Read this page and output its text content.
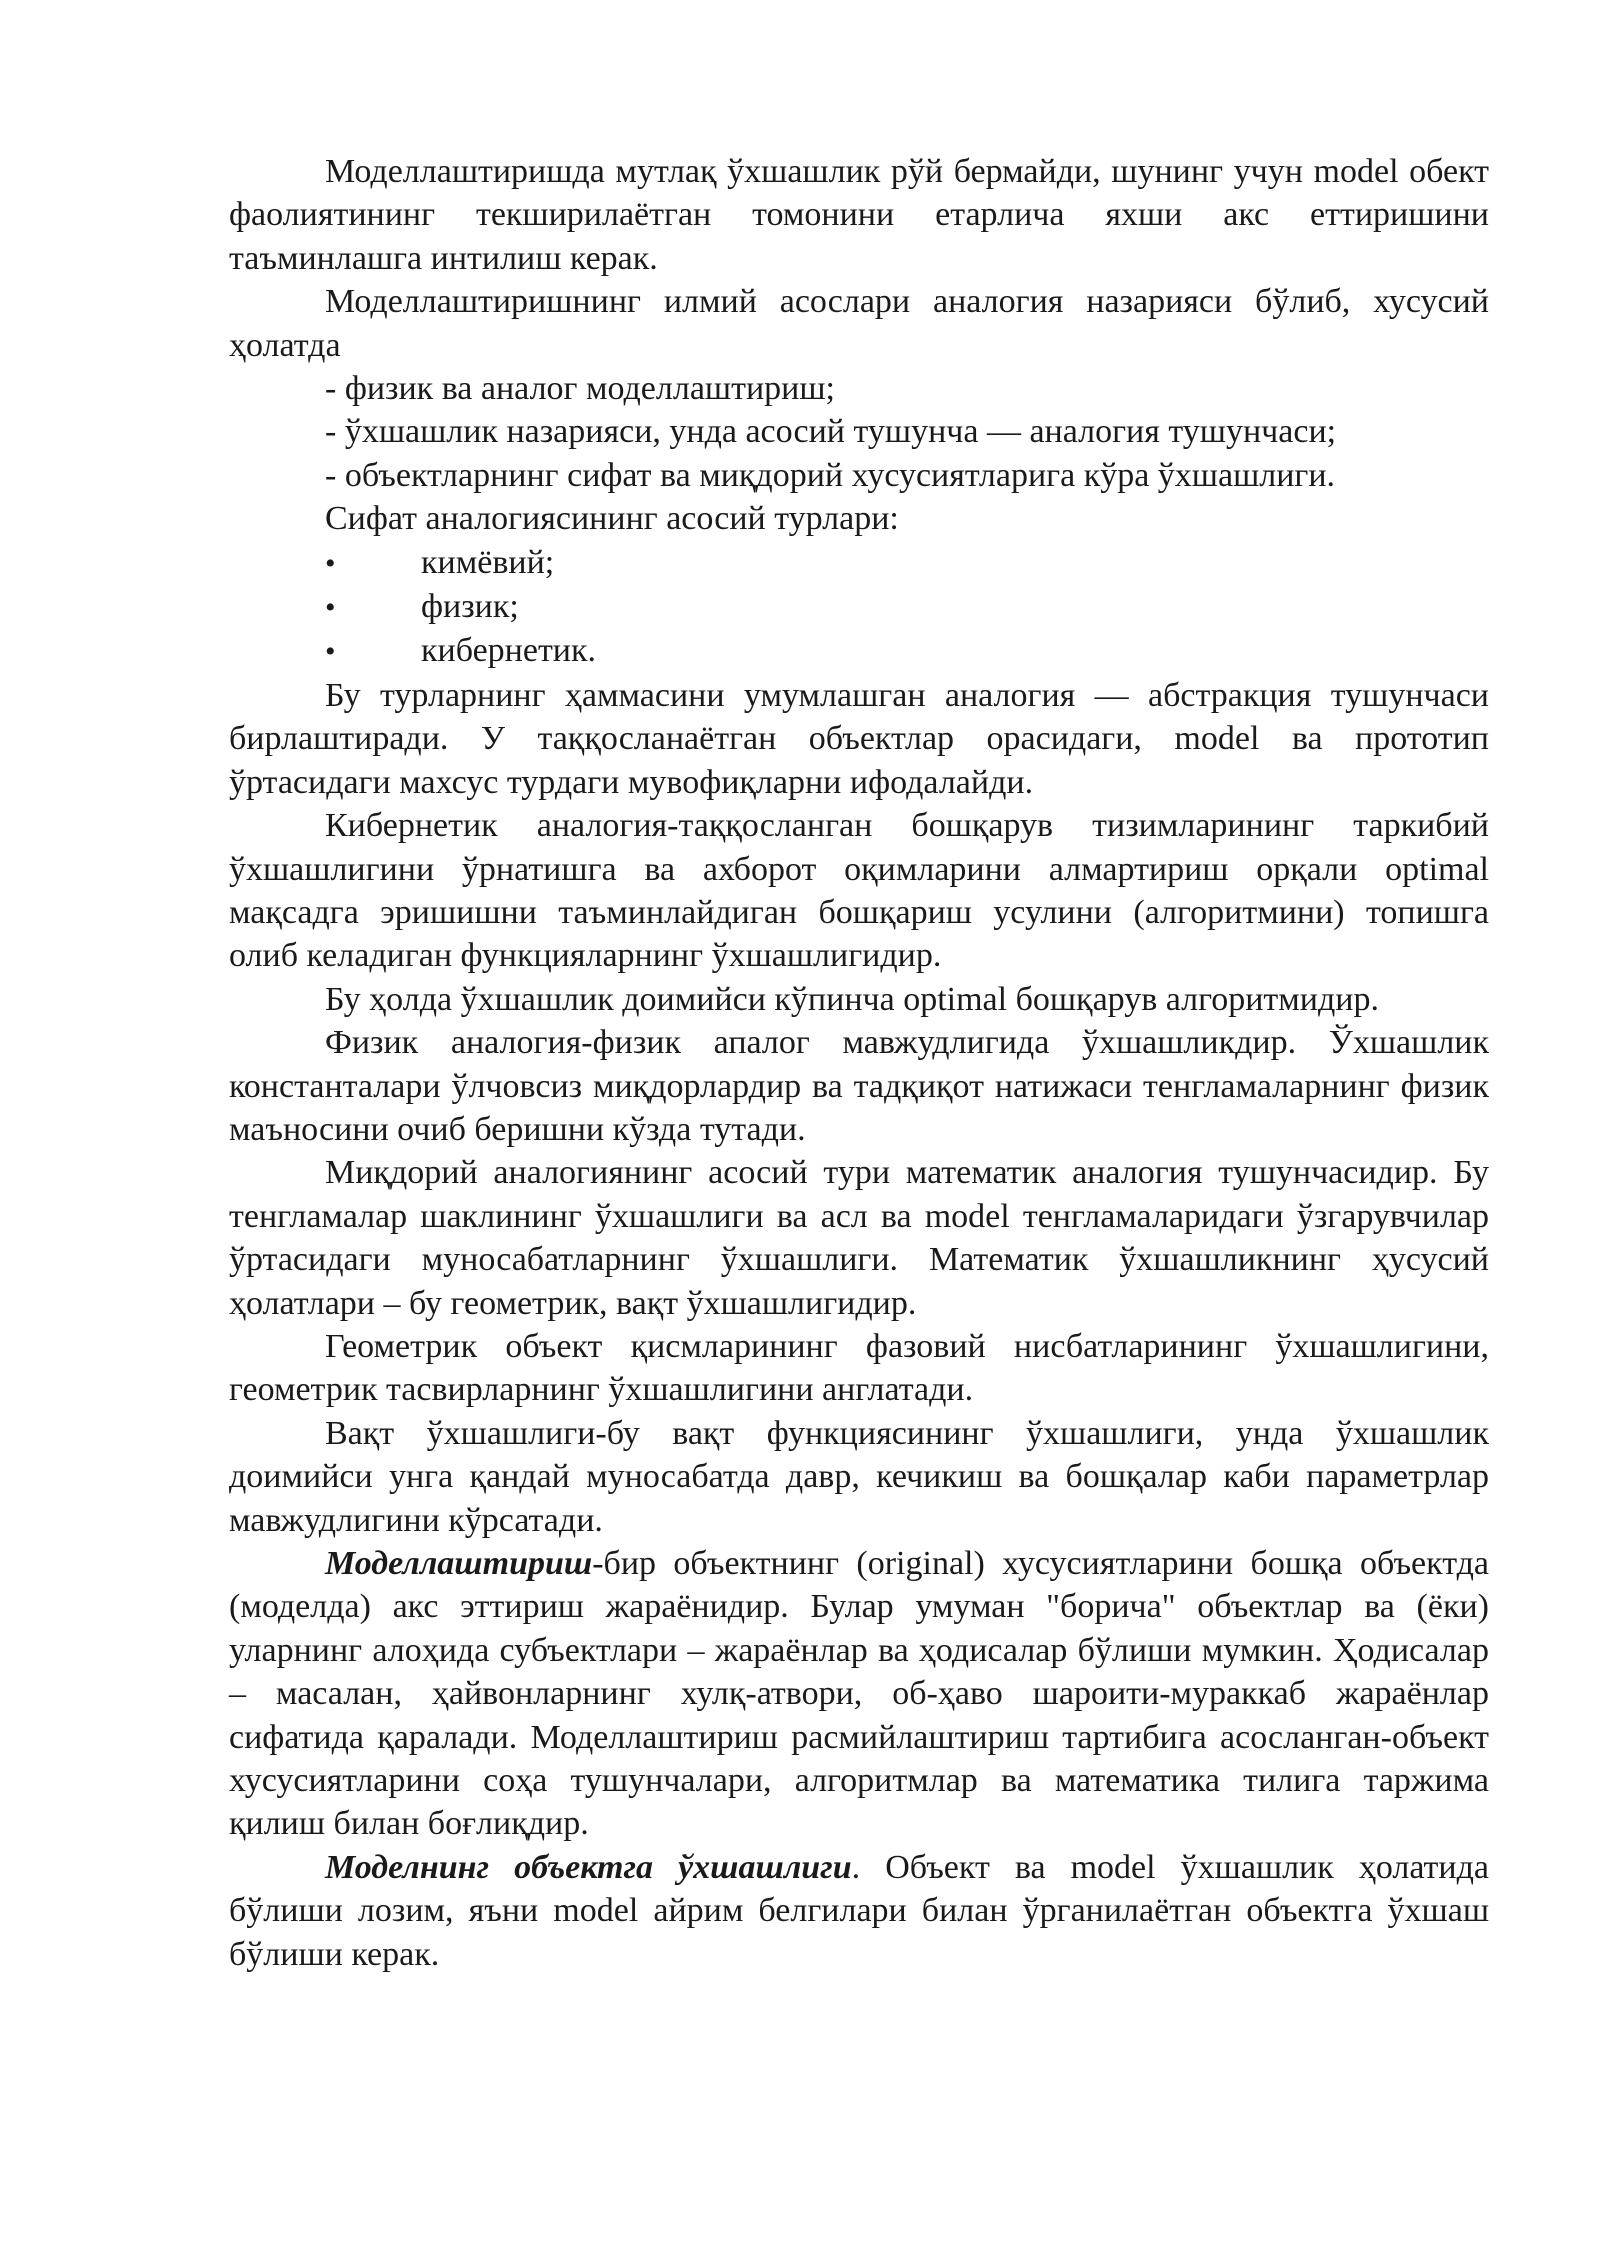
Моделлаштиришда мутлақ ўхшашлик рўй бермайди, шунинг учун model обект фаолиятининг текширилаётган томонини етарлича яхши акс еттиришини таъминлашга интилиш керак.

Моделлаштиришнинг илмий асослари аналогия назарияси бўлиб, хусусий ҳолатда

- физик ва аналог моделлаштириш;

- ўхшашлик назарияси, унда асосий тушунча — аналогия тушунчаси;

- объектларнинг сифат ва миқдорий хусусиятларига кўра ўхшашлиги.

Сифат аналогиясининг асосий турлари:

•	кимёвий;
•	физик;
•	кибернетик.

Бу турларнинг ҳаммасини умумлашган аналогия — абстракция тушунчаси бирлаштиради. У таққосланаётган объектлар орасидаги, model ва прототип ўртасидаги махсус турдаги мувофиқларни ифодалайди.

Кибернетик аналогия-таққосланган бошқарув тизимларининг таркибий ўхшашлигини ўрнатишга ва ахборот оқимларини алмартириш орқали optimal мақсадга эришишни таъминлайдиган бошқариш усулини (алгоритмини) топишга олиб келадиган функцияларнинг ўхшашлигидир.

Бу ҳолда ўхшашлик доимийси кўпинча optimal бошқарув алгоритмидир.

Физик аналогия-физик апалог мавжудлигида ўхшашликдир. Ўхшашлик константалари ўлчовсиз миқдорлардир ва тадқиқот натижаси тенгламаларнинг физик маъносини очиб беришни кўзда тутади.

Миқдорий аналогиянинг асосий тури математик аналогия тушунчасидир. Бу тенгламалар шаклининг ўхшашлиги ва асл ва model тенгламаларидаги ўзгарувчилар ўртасидаги муносабатларнинг ўхшашлиги. Математик ўхшашликнинг ҳусусий ҳолатлари – бу геометрик, вақт ўхшашлигидир.

Геометрик объект қисмларининг фазовий нисбатларининг ўхшашлигини, геометрик тасвирларнинг ўхшашлигини англатади.

Вақт ўхшашлиги-бу вақт функциясининг ўхшашлиги, унда ўхшашлик доимийси унга қандай муносабатда давр, кечикиш ва бошқалар каби параметрлар мавжудлигини кўрсатади.

Моделлаштириш-бир объектнинг (original) хусусиятларини бошқа объектда (моделда) акс эттириш жараёнидир. Булар умуман "борича" объектлар ва (ёки) уларнинг алоҳида субъектлари – жараёнлар ва ҳодисалар бўлиши мумкин. Ҳодисалар – масалан, ҳайвонларнинг хулқ-атвори, об-ҳаво шароити-мураккаб жараёнлар сифатида қаралади. Моделлаштириш расмийлаштириш тартибига асосланган-объект хусусиятларини соҳа тушунчалари, алгоритмлар ва математика тилига таржима қилиш билан боғлиқдир.

Моделнинг объектга ўхшашлиги. Объект ва model ўхшашлик ҳолатида бўлиши лозим, яъни model айрим белгилари билан ўрганилаётган объектга ўхшаш бўлиши керак.
